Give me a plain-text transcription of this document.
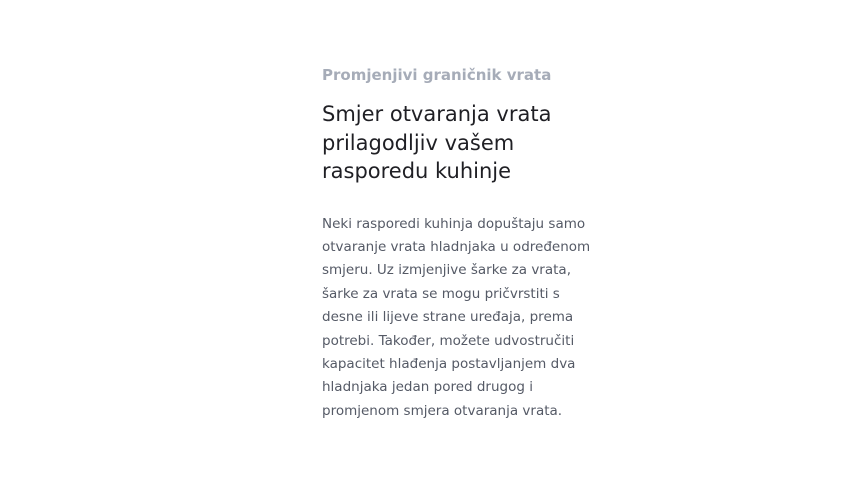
Promjenjivi graničnik vrata

Smjer otvaranja vrata prilagodljiv vašem rasporedu kuhinje

Neki rasporedi kuhinja dopuštaju samo otvaranje vrata hladnjaka u određenom smjeru. Uz izmjenjive šarke za vrata, šarke za vrata se mogu pričvrstiti s desne ili lijeve strane uređaja, prema potrebi. Također, možete udvostručiti kapacitet hlađenja postavljanjem dva hladnjaka jedan pored drugog i promjenom smjera otvaranja vrata.
